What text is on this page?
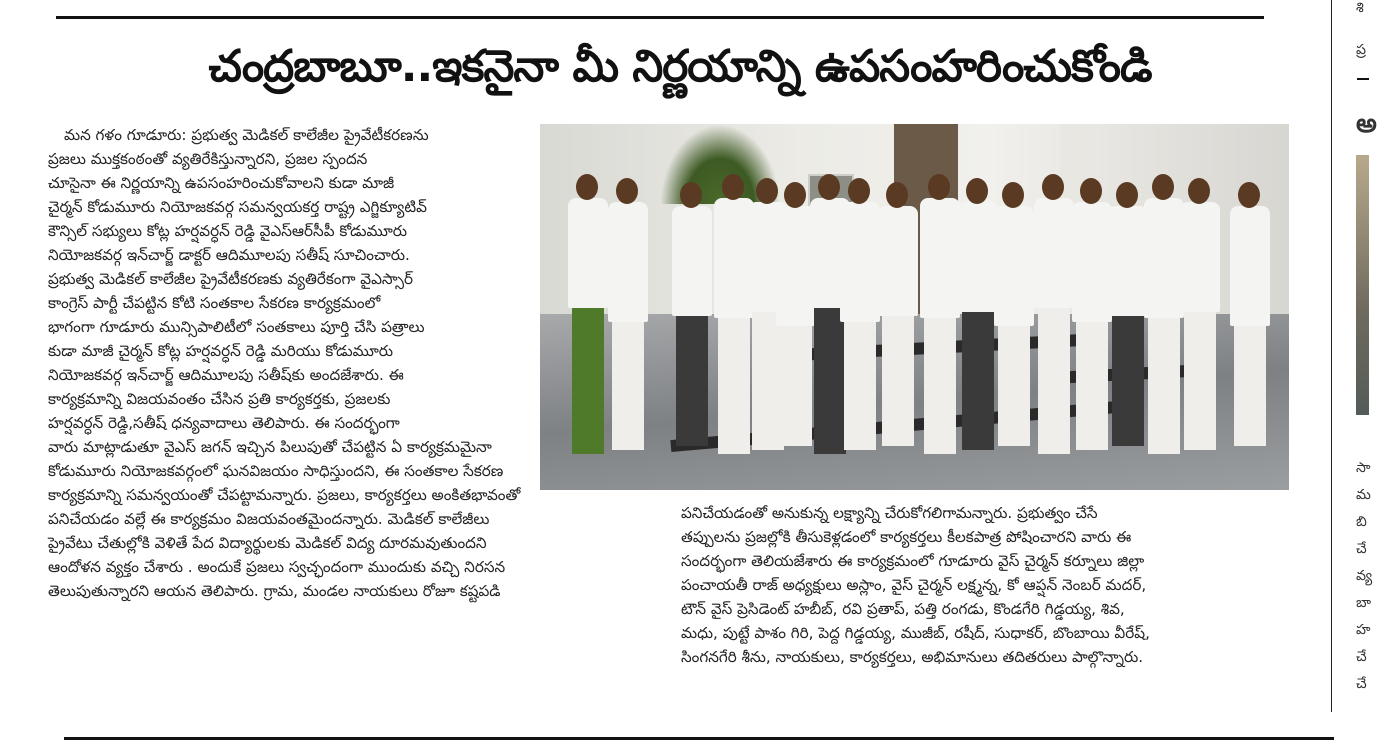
చంద్రబాబూ..ఇకనైనా మీ నిర్ణయాన్ని ఉపసంహరించుకోండి
మన గళం గూడూరు: ప్రభుత్వ మెడికల్ కాలేజీల ప్రైవేటీకరణను
ప్రజలు ముక్తకంఠంతో వ్యతిరేకిస్తున్నారని, ప్రజల స్పందన
చూసైనా ఈ నిర్ణయాన్ని ఉపసంహరించుకోవాలని కుడా మాజీ
చైర్మన్ కోడుమూరు నియోజకవర్గ సమన్వయకర్త రాష్ట్ర ఎగ్జిక్యూటివ్
కౌన్సిల్ సభ్యులు కోట్ల హర్షవర్ధన్ రెడ్డి వైఎస్ఆర్‌సీపీ కోడుమూరు
నియోజకవర్గ ఇన్‌చార్జ్ డాక్టర్ ఆదిమూలపు సతీష్ సూచించారు.
ప్రభుత్వ మెడికల్ కాలేజీల ప్రైవేటీకరణకు వ్యతిరేకంగా వైఎస్సార్
కాంగ్రెస్ పార్టీ చేపట్టిన కోటి సంతకాల సేకరణ కార్యక్రమంలో
భాగంగా గూడూరు మున్సిపాలిటీలో సంతకాలు పూర్తి చేసి పత్రాలు
కుడా మాజీ చైర్మన్ కోట్ల హర్షవర్ధన్ రెడ్డి మరియు కోడుమూరు
నియోజకవర్గ ఇన్‌చార్జ్ ఆదిమూలపు సతీష్‌కు అందజేశారు. ఈ
కార్యక్రమాన్ని విజయవంతం చేసిన ప్రతి కార్యకర్తకు, ప్రజలకు
హర్షవర్ధన్ రెడ్డి,సతీష్ ధన్యవాదాలు తెలిపారు. ఈ సందర్భంగా
వారు మాట్లాడుతూ వైఎస్ జగన్ ఇచ్చిన పిలుపుతో చేపట్టిన ఏ కార్యక్రమమైనా
కోడుమూరు నియోజకవర్గంలో ఘనవిజయం సాధిస్తుందని, ఈ సంతకాల సేకరణ
కార్యక్రమాన్ని సమన్వయంతో చేపట్టామన్నారు. ప్రజలు, కార్యకర్తలు అంకితభావంతో
పనిచేయడం వల్లే ఈ కార్యక్రమం విజయవంతమైందన్నారు. మెడికల్ కాలేజీలు
ప్రైవేటు చేతుల్లోకి వెళితే పేద విద్యార్థులకు మెడికల్ విద్య దూరమవుతుందని
ఆందోళన వ్యక్తం చేశారు . అందుకే ప్రజలు స్వచ్ఛందంగా ముందుకు వచ్చి నిరసన
తెలుపుతున్నారని ఆయన తెలిపారు. గ్రామ, మండల నాయకులు రోజూ కష్టపడి
పనిచేయడంతో అనుకున్న లక్ష్యాన్ని చేరుకోగలిగామన్నారు. ప్రభుత్వం చేసే
తప్పులను ప్రజల్లోకి తీసుకెళ్లడంలో కార్యకర్తలు కీలకపాత్ర పోషించారని వారు ఈ
సందర్భంగా తెలియజేశారు ఈ కార్యక్రమంలో గూడూరు వైస్ చైర్మన్ కర్నూలు జిల్లా
పంచాయతీ రాజ్ అధ్యక్షులు అస్లాం, వైస్ చైర్మన్ లక్ష్మన్న, కో ఆప్షన్ నెంబర్ మదర్,
టౌన్ వైస్ ప్రెసిడెంట్ హబీబ్, రవి ప్రతాప్, పత్తి రంగడు, కొండగేరి గిడ్డయ్య, శివ,
మధు, పుట్టే పాశం గిరి, పెద్ద గిడ్డయ్య, ముజీబ్, రషీద్, సుధాకర్, బొంబాయి వీరేష్,
సింగనగేరి శీను, నాయకులు, కార్యకర్తలు, అభిమానులు తదితరులు పాల్గొన్నారు.
శి
ప్ర
అ
సా
మ
బి
చే
వ్య
బా
హ
చే
చే
